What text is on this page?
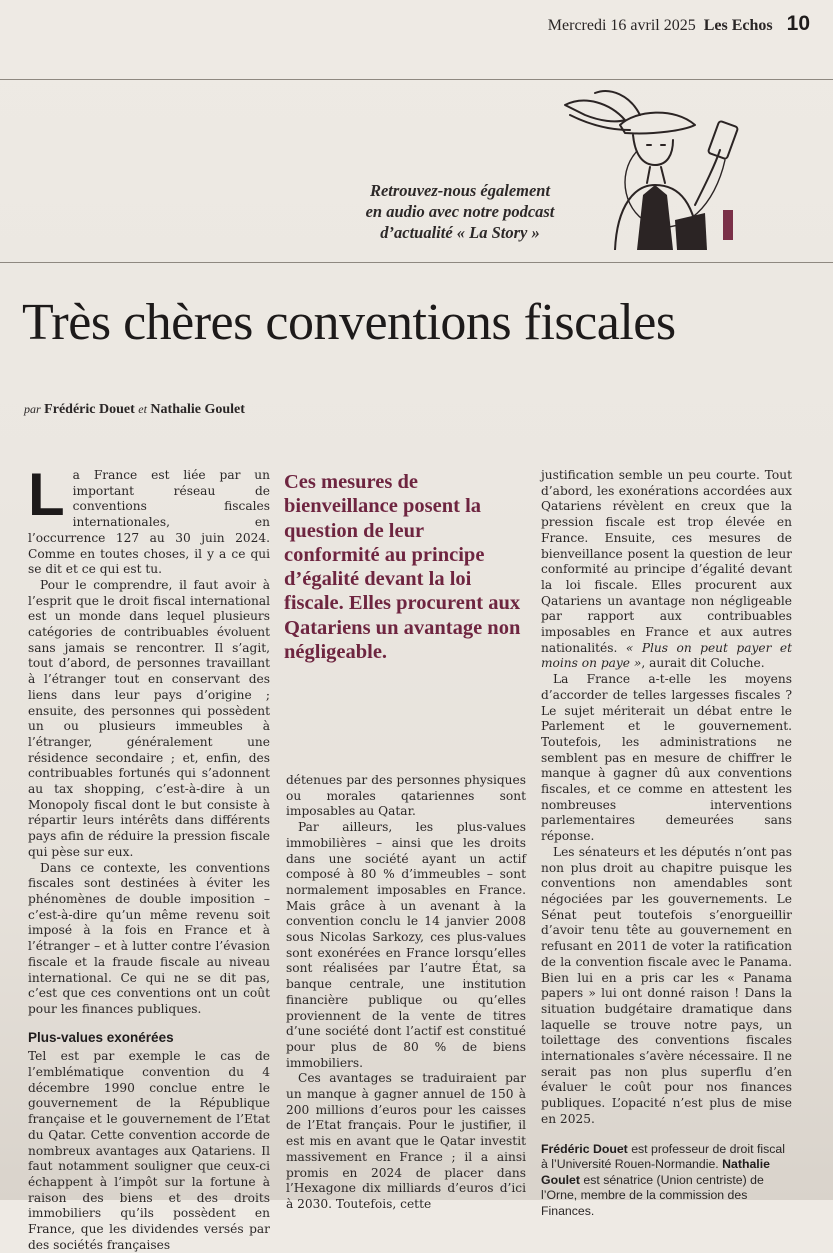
Mercredi 16 avril 2025 Les Echos 10
Retrouvez-nous également
en audio avec notre podcast
d’actualité « La Story »
Très chères conventions fiscales
par Frédéric Douet et Nathalie Goulet

La France est liée par un important réseau de conventions fiscales internationales, en l’occurrence 127 au 30 juin 2024. Comme en toutes choses, il y a ce qui se dit et ce qui est tu.

Pour le comprendre, il faut avoir à l’esprit que le droit fiscal international est un monde dans lequel plusieurs catégories de contribuables évoluent sans jamais se rencontrer. Il s’agit, tout d’abord, de personnes travaillant à l’étranger tout en conservant des liens dans leur pays d’origine ; ensuite, des personnes qui possèdent un ou plusieurs immeubles à l’étranger, généralement une résidence secondaire ; et, enfin, des contribuables fortunés qui s’adonnent au tax shopping, c’est-à-dire à un Monopoly fiscal dont le but consiste à répartir leurs intérêts dans différents pays afin de réduire la pression fiscale qui pèse sur eux.

Dans ce contexte, les conventions fiscales sont destinées à éviter les phénomènes de double imposition – c’est-à-dire qu’un même revenu soit imposé à la fois en France et à l’étranger – et à lutter contre l’évasion fiscale et la fraude fiscale au niveau international. Ce qui ne se dit pas, c’est que ces conventions ont un coût pour les finances publiques.

Plus-values exonérées

Tel est par exemple le cas de l’emblématique convention du 4 décembre 1990 conclue entre le gouvernement de la République française et le gouvernement de l’Etat du Qatar. Cette convention accorde de nombreux avantages aux Qatariens. Il faut notamment souligner que ceux-ci échappent à l’impôt sur la fortune à raison des biens et des droits immobiliers qu’ils possèdent en France, que les dividendes versés par des sociétés françaises

Ces mesures de bienveillance posent la question de leur conformité au principe d’égalité devant la loi fiscale. Elles procurent aux Qatariens un avantage non négligeable.

détenues par des personnes physiques ou morales qatariennes sont imposables au Qatar.

Par ailleurs, les plus-values immobilières – ainsi que les droits dans une société ayant un actif composé à 80 % d’immeubles – sont normalement imposables en France. Mais grâce à un avenant à la convention conclu le 14 janvier 2008 sous Nicolas Sarkozy, ces plus-values sont exonérées en France lorsqu’elles sont réalisées par l’autre État, sa banque centrale, une institution financière publique ou qu’elles proviennent de la vente de titres d’une société dont l’actif est constitué pour plus de 80 % de biens immobiliers.

Ces avantages se traduiraient par un manque à gagner annuel de 150 à 200 millions d’euros pour les caisses de l’Etat français. Pour le justifier, il est mis en avant que le Qatar investit massivement en France ; il a ainsi promis en 2024 de placer dans l’Hexagone dix milliards d’euros d’ici à 2030. Toutefois, cette

justification semble un peu courte. Tout d’abord, les exonérations accordées aux Qatariens révèlent en creux que la pression fiscale est trop élevée en France. Ensuite, ces mesures de bienveillance posent la question de leur conformité au principe d’égalité devant la loi fiscale. Elles procurent aux Qatariens un avantage non négligeable par rapport aux contribuables imposables en France et aux autres nationalités. « Plus on peut payer et moins on paye », aurait dit Coluche.

La France a-t-elle les moyens d’accorder de telles largesses fiscales ? Le sujet mériterait un débat entre le Parlement et le gouvernement. Toutefois, les administrations ne semblent pas en mesure de chiffrer le manque à gagner dû aux conventions fiscales, et ce comme en attestent les nombreuses interventions parlementaires demeurées sans réponse.

Les sénateurs et les députés n’ont pas non plus droit au chapitre puisque les conventions non amendables sont négociées par les gouvernements. Le Sénat peut toutefois s’enorgueillir d’avoir tenu tête au gouvernement en refusant en 2011 de voter la ratification de la convention fiscale avec le Panama. Bien lui en a pris car les « Panama papers » lui ont donné raison ! Dans la situation budgétaire dramatique dans laquelle se trouve notre pays, un toilettage des conventions fiscales internationales s’avère nécessaire. Il ne serait pas non plus superflu d’en évaluer le coût pour nos finances publiques. L’opacité n’est plus de mise en 2025.

Frédéric Douet est professeur de droit fiscal à l’Université Rouen-Normandie. Nathalie Goulet est sénatrice (Union centriste) de l’Orne, membre de la commission des Finances.
